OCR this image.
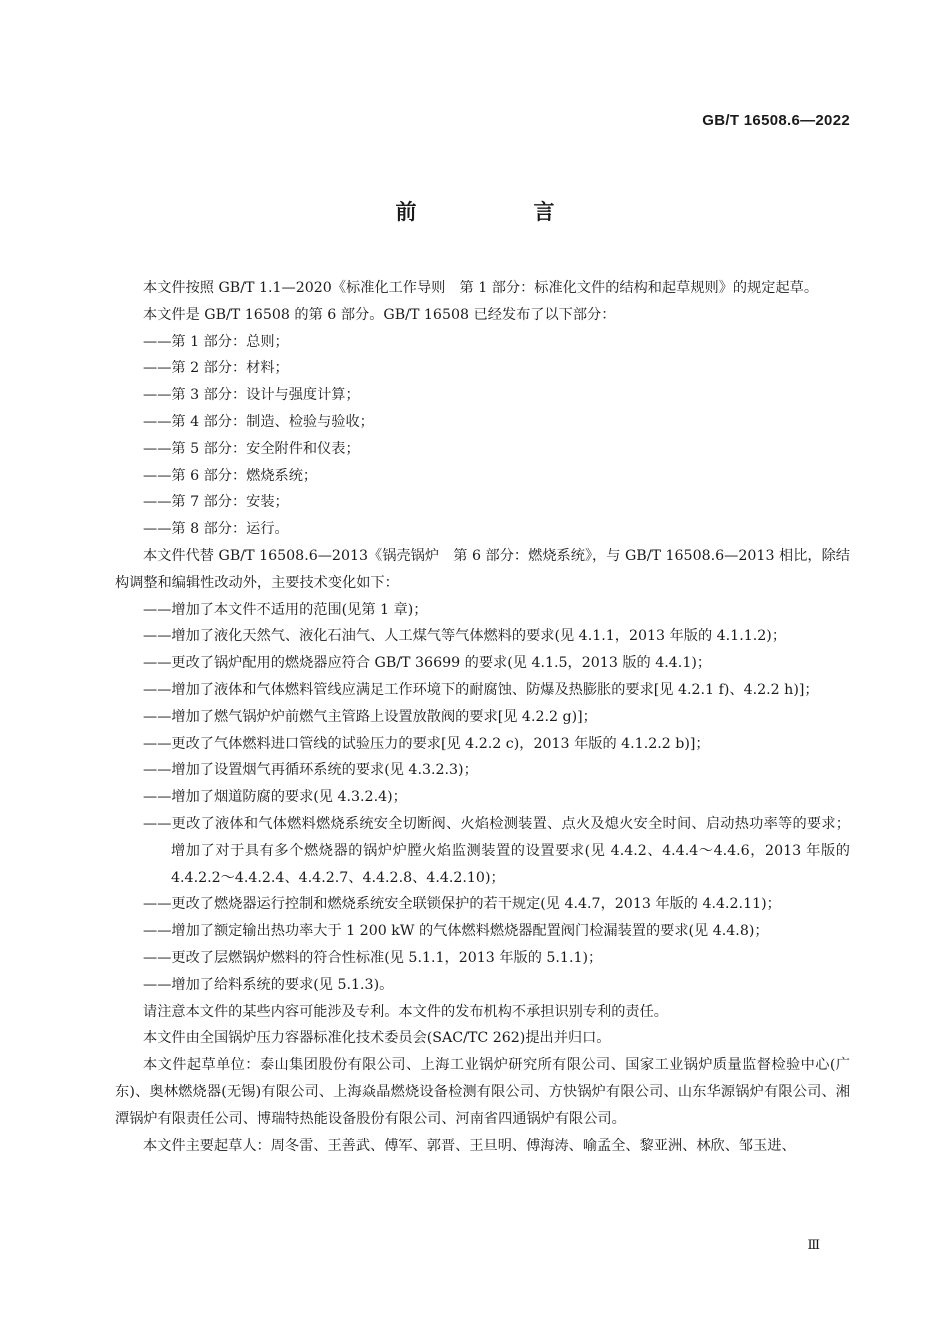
GB/T 16508.6—2022
前　言

本文件按照 GB/T 1.1—2020《标准化工作导则　第 1 部分：标准化文件的结构和起草规则》的规定起草。

本文件是 GB/T 16508 的第 6 部分。GB/T 16508 已经发布了以下部分：

——第 1 部分：总则；

——第 2 部分：材料；

——第 3 部分：设计与强度计算；

——第 4 部分：制造、检验与验收；

——第 5 部分：安全附件和仪表；

——第 6 部分：燃烧系统；

——第 7 部分：安装；

——第 8 部分：运行。

本文件代替 GB/T 16508.6—2013《锅壳锅炉　第 6 部分：燃烧系统》，与 GB/T 16508.6—2013 相比，除结构调整和编辑性改动外，主要技术变化如下：

——增加了本文件不适用的范围(见第 1 章)；

——增加了液化天然气、液化石油气、人工煤气等气体燃料的要求(见 4.1.1，2013 年版的 4.1.1.2)；

——更改了锅炉配用的燃烧器应符合 GB/T 36699 的要求(见 4.1.5，2013 版的 4.4.1)；

——增加了液体和气体燃料管线应满足工作环境下的耐腐蚀、防爆及热膨胀的要求[见 4.2.1 f)、4.2.2 h)]；

——增加了燃气锅炉炉前燃气主管路上设置放散阀的要求[见 4.2.2 g)]；

——更改了气体燃料进口管线的试验压力的要求[见 4.2.2 c)，2013 年版的 4.1.2.2 b)]；

——增加了设置烟气再循环系统的要求(见 4.3.2.3)；

——增加了烟道防腐的要求(见 4.3.2.4)；

——更改了液体和气体燃料燃烧系统安全切断阀、火焰检测装置、点火及熄火安全时间、启动热功率等的要求；增加了对于具有多个燃烧器的锅炉炉膛火焰监测装置的设置要求(见 4.4.2、4.4.4～4.4.6，2013 年版的 4.4.2.2～4.4.2.4、4.4.2.7、4.4.2.8、4.4.2.10)；

——更改了燃烧器运行控制和燃烧系统安全联锁保护的若干规定(见 4.4.7，2013 年版的 4.4.2.11)；

——增加了额定输出热功率大于 1 200 kW 的气体燃料燃烧器配置阀门检漏装置的要求(见 4.4.8)；

——更改了层燃锅炉燃料的符合性标准(见 5.1.1，2013 年版的 5.1.1)；

——增加了给料系统的要求(见 5.1.3)。

请注意本文件的某些内容可能涉及专利。本文件的发布机构不承担识别专利的责任。

本文件由全国锅炉压力容器标准化技术委员会(SAC/TC 262)提出并归口。

本文件起草单位：泰山集团股份有限公司、上海工业锅炉研究所有限公司、国家工业锅炉质量监督检验中心(广东)、奥林燃烧器(无锡)有限公司、上海焱晶燃烧设备检测有限公司、方快锅炉有限公司、山东华源锅炉有限公司、湘潭锅炉有限责任公司、博瑞特热能设备股份有限公司、河南省四通锅炉有限公司。

本文件主要起草人：周冬雷、王善武、傅军、郭晋、王旦明、傅海涛、喻孟全、黎亚洲、林欣、邹玉进、

Ⅲ
